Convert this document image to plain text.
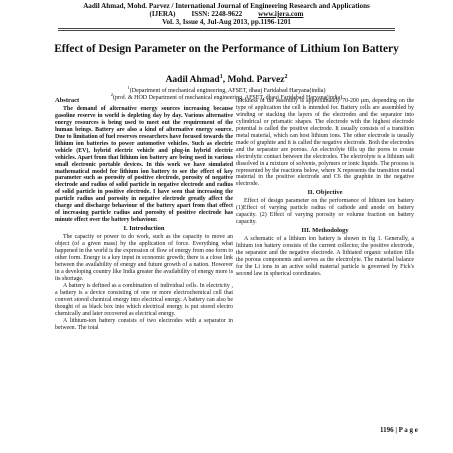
Aadil Ahmad, Mohd. Parvez / International Journal of Engineering Research and Applications
(IJERA) ISSN: 2248-9622 www.ijera.com
Vol. 3, Issue 4, Jul-Aug 2013, pp.1196-1201
Effect of Design Parameter on the Performance of Lithium Ion Battery
Aadil Ahmad$^1$, Mohd. Parvez$^2$
$^1$(Department of mechanical engineering, AFSET, dhauj Faridabad Haryana(india)
$^2$(prof. & HOD Department of mechanical engineering, AFSET, dhauj Faridabad Haryana(india)
Abstract

The demand of alternative energy sources increasing because gasoline reserve in world is depleting day by day. Various alternative energy resources is being used to meet out the requirement of the human beings. Battery are also a kind of alternative energy source. Due to limitation of fuel reserves researchers have focused towards the lithium ion batteries to power automotive vehicles. Such as electric vehicle (EV), hybrid electric vehicle and plug-in hybrid electric vehicles. Apart from that lithium ion battery are being used in various small electronic portable devices. In this work we have simulated mathematical model for lithium ion battery to see the effect of key parameter such as porosity of positive electrode, porosity of negative electrode and radius of solid particle in negative electrode and radius of solid particle in positive electrode. I have seen that increasing the particle radius and porosity in negative electrode greatly affect the charge and discharge behaviour of the battery apart from that effect of increasing particle radius and porosity of positive electrode has minute effect over the battery behaviour.

I. Introduction

The capacity or power to do work, such as the capacity to move an object (of a given mass) by the application of force. Everything what happened in the world is the expression of flow of energy from one form to other form. Energy is a key input in economic growth; there is a close link between the availability of energy and future growth of a nation. However in a developing country like India greater the availability of energy more is its shortage.

A battery is defined as a combination of individual cells. In electricity , a battery is a device consisting of one or more electrochemical cell that convert stored chemical energy into electrical energy. A battery can also be thought of as black box into which electrical energy is put stored electro chemically and later recovered as electrical energy.

A lithium-ion battery consists of two electrodes with a separator in between. The total

thickness of the assembly is approximately 70-200 µm, depending on the type of application the cell is intended for. Battery cells are assembled by winding or stacking the layers of the electrodes and the separator into cylindrical or prismatic shapes. The electrode with the highest electrode potential is called the positive electrode. It usually consists of a transition metal material, which can host lithium ions. The other electrode is usually made of graphite and it is called the negative electrode. Both the electrodes and the separator are porous. An electrolyte fills up the pores to create electrolytic contact between the electrodes. The electrolyte is a lithium salt dissolved in a mixture of solvents, polymers or ionic liquids. The process is represented by the reactions below, where X represents the transition metal material in the positive electrode and C6 the graphite in the negative electrode.

II. Objective

Effect of design parameter on the performance of lithium ion battery (1)Effect of varying particle radius of cathode and anode on battery capacity. (2) Effect of varying porosity or volume fraction on battery capacity.

III. Methodology

A schematic of a lithium ion battery is shown in fig 1. Generally, a lithium ion battery consists of the current collector, the positive electrode, the separator and the negative electrode. A lithiated organic solution fills the porous components and serves as the electrolyte. The material balance for the Li ions in an active solid material particle is governed by Fick's second law in spherical coordinates.

1196 | P a g e
